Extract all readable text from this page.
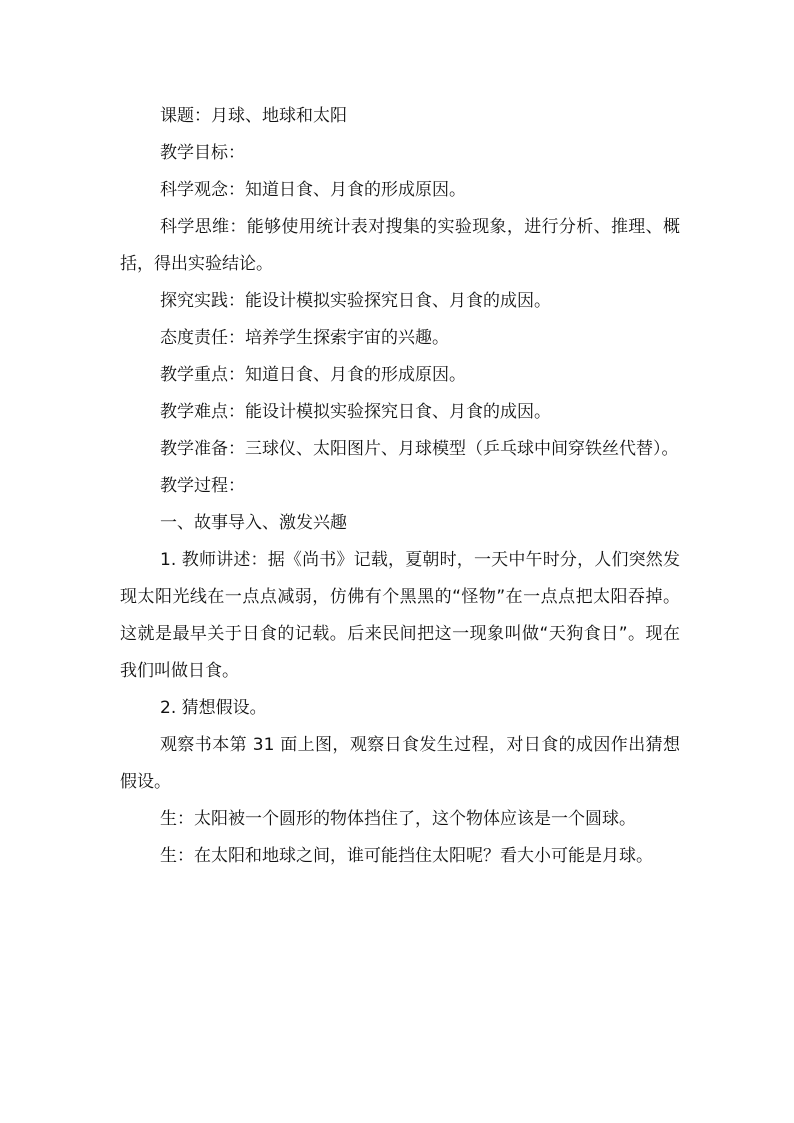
课题：月球、地球和太阳

教学目标：

科学观念：知道日食、月食的形成原因。

科学思维：能够使用统计表对搜集的实验现象，进行分析、推理、概括，得出实验结论。

探究实践：能设计模拟实验探究日食、月食的成因。

态度责任：培养学生探索宇宙的兴趣。

教学重点：知道日食、月食的形成原因。

教学难点：能设计模拟实验探究日食、月食的成因。

教学准备：三球仪、太阳图片、月球模型（乒乓球中间穿铁丝代替）。

教学过程：

一、故事导入、激发兴趣

1. 教师讲述：据《尚书》记载，夏朝时，一天中午时分，人们突然发现太阳光线在一点点减弱，仿佛有个黑黑的“怪物”在一点点把太阳吞掉。这就是最早关于日食的记载。后来民间把这一现象叫做“天狗食日”。现在我们叫做日食。

2. 猜想假设。

观察书本第 31 面上图，观察日食发生过程，对日食的成因作出猜想假设。

生：太阳被一个圆形的物体挡住了，这个物体应该是一个圆球。

生：在太阳和地球之间，谁可能挡住太阳呢？看大小可能是月球。
